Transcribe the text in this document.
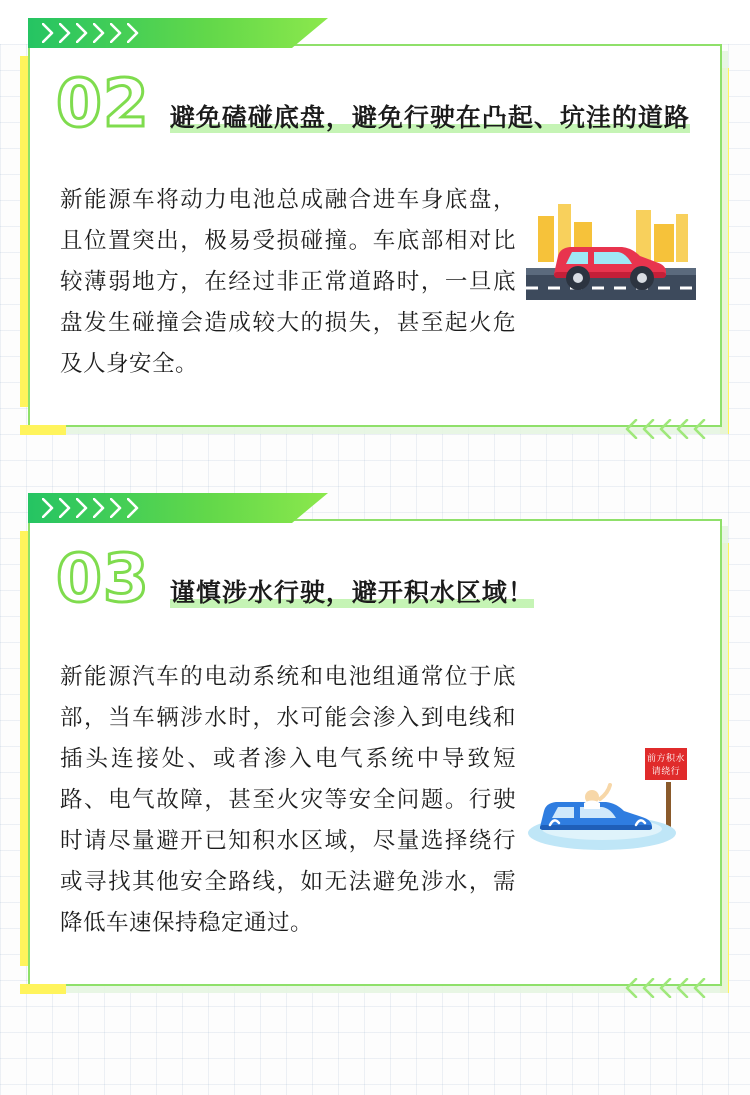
02 避免磕碰底盘，避免行驶在凸起、坑洼的道路
新能源车将动力电池总成融合进车身底盘，且位置突出，极易受损碰撞。车底部相对比较薄弱地方，在经过非正常道路时，一旦底盘发生碰撞会造成较大的损失，甚至起火危及人身安全。
03 谨慎涉水行驶，避开积水区域！
前方积水
请绕行
新能源汽车的电动系统和电池组通常位于底部，当车辆涉水时，水可能会渗入到电线和插头连接处、或者渗入电气系统中导致短路、电气故障，甚至火灾等安全问题。行驶时请尽量避开已知积水区域，尽量选择绕行或寻找其他安全路线，如无法避免涉水，需降低车速保持稳定通过。
